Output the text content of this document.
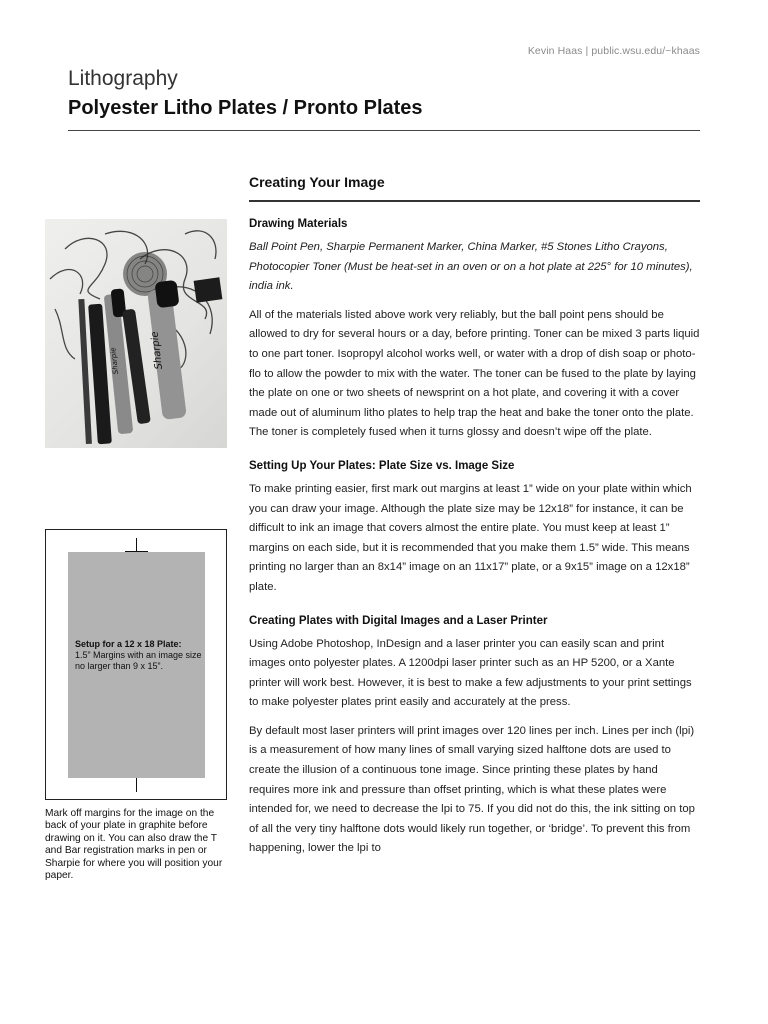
Kevin Haas | public.wsu.edu/~khaas
Lithography
Polyester Litho Plates / Pronto Plates
Creating Your Image
Drawing Materials

Ball Point Pen, Sharpie Permanent Marker, China Marker, #5 Stones Litho Crayons, Photocopier Toner (Must be heat-set in an oven or on a hot plate at 225° for 10 minutes), india ink.

All of the materials listed above work very reliably, but the ball point pens should be allowed to dry for several hours or a day, before printing. Toner can be mixed 3 parts liquid to one part toner. Isopropyl alcohol works well, or water with a drop of dish soap or photo-flo to allow the powder to mix with the water. The toner can be fused to the plate by laying the plate on one or two sheets of newsprint on a hot plate, and covering it with a cover made out of aluminum litho plates to help trap the heat and bake the toner onto the plate. The toner is completely fused when it turns glossy and doesn’t wipe off the plate.

Setting Up Your Plates: Plate Size vs. Image Size

To make printing easier, first mark out margins at least 1” wide on your plate within which you can draw your image. Although the plate size may be 12x18” for instance, it can be difficult to ink an image that covers almost the entire plate. You must keep at least 1” margins on each side, but it is recommended that you make them 1.5” wide. This means printing no larger than an 8x14” image on an 11x17” plate, or a 9x15” image on a 12x18” plate.

Creating Plates with Digital Images and a Laser Printer

Using Adobe Photoshop, InDesign and a laser printer you can easily scan and print images onto polyester plates. A 1200dpi laser printer such as an HP 5200, or a Xante printer will work best. However, it is best to make a few adjustments to your print settings to make polyester plates print easily and accurately at the press.

By default most laser printers will print images over 120 lines per inch. Lines per inch (lpi) is a measurement of how many lines of small varying sized halftone dots are used to create the illusion of a continuous tone image. Since printing these plates by hand requires more ink and pressure than offset printing, which is what these plates were intended for, we need to decrease the lpi to 75. If you did not do this, the ink sitting on top of all the very tiny halftone dots would likely run together, or ‘bridge’. To prevent this from happening, lower the lpi to

Sharpie
Sharpie
Setup for a 12 x 18 Plate:
1.5” Margins with an image size no larger than 9 x 15”.
Mark off margins for the image on the back of your plate in graphite before drawing on it. You can also draw the T and Bar registration marks in pen or Sharpie for where you will position your paper.
